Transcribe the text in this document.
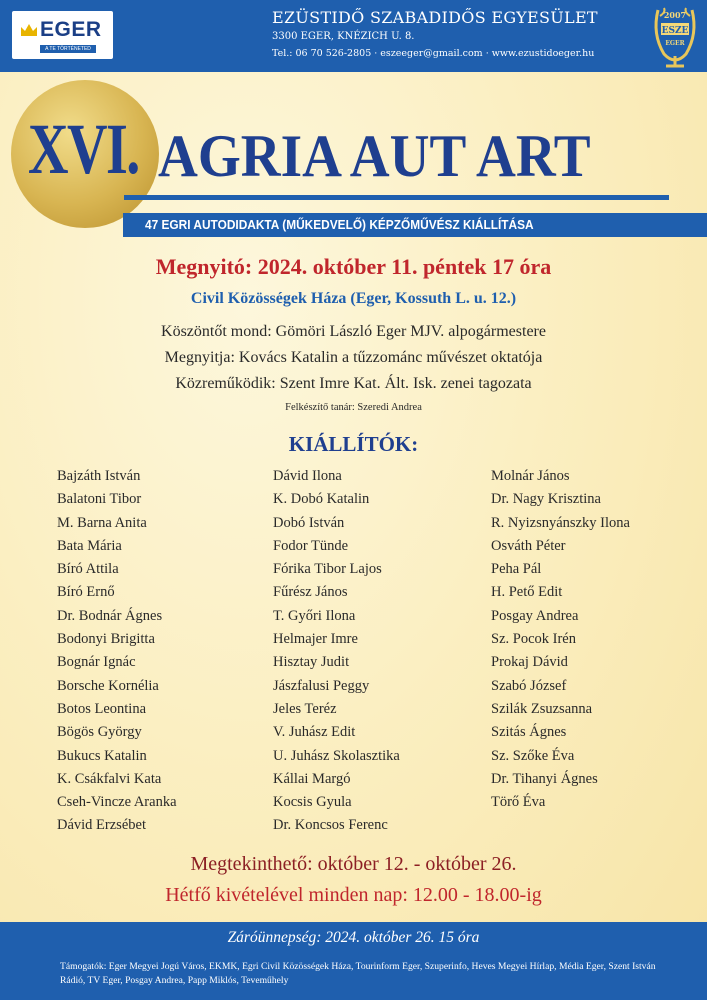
EGER
A TE TÖRTÉNETED
EZÜSTIDŐ SZABADIDŐS EGYESÜLET
3300 EGER, KNÉZICH U. 8.
Tel.: 06 70 526-2805 · eszeeger@gmail.com · www.ezustidoeger.hu
2007
ESZE
EGER
XVI. AGRIA AUT ART
47 EGRI AUTODIDAKTA (MŰKEDVELŐ) KÉPZŐMŰVÉSZ KIÁLLÍTÁSA
Megnyitó: 2024. október 11. péntek 17 óra
Civil Közösségek Háza (Eger, Kossuth L. u. 12.)
Köszöntőt mond: Gömöri László Eger MJV. alpogármestere
Megnyitja: Kovács Katalin a tűzzománc művészet oktatója
Közreműködik: Szent Imre Kat. Ált. Isk. zenei tagozata
Felkészítő tanár: Szeredi Andrea
KIÁLLÍTÓK:
Bajzáth István
Balatoni Tibor
M. Barna Anita
Bata Mária
Bíró Attila
Bíró Ernő
Dr. Bodnár Ágnes
Bodonyi Brigitta
Bognár Ignác
Borsche Kornélia
Botos Leontina
Bögös György
Bukucs Katalin
K. Csákfalvi Kata
Cseh-Vincze Aranka
Dávid Erzsébet
Dávid Ilona
K. Dobó Katalin
Dobó István
Fodor Tünde
Fórika Tibor Lajos
Fűrész János
T. Győri Ilona
Helmajer Imre
Hisztay Judit
Jászfalusi Peggy
Jeles Teréz
V. Juhász Edit
U. Juhász Skolasztika
Kállai Margó
Kocsis Gyula
Dr. Koncsos Ferenc
Molnár János
Dr. Nagy Krisztina
R. Nyizsnyánszky Ilona
Osváth Péter
Peha Pál
H. Pető Edit
Posgay Andrea
Sz. Pocok Irén
Prokaj Dávid
Szabó József
Szilák Zsuzsanna
Szitás Ágnes
Sz. Szőke Éva
Dr. Tihanyi Ágnes
Törő Éva
Megtekinthető: október 12. - október 26.
Hétfő kivételével minden nap: 12.00 - 18.00-ig
Záróünnepség: 2024. október 26. 15 óra
Támogatók: Eger Megyei Jogú Város, EKMK, Egri Civil Közösségek Háza, Tourinform Eger, Szuperinfo, Heves Megyei Hírlap, Média Eger, Szent István Rádió, TV Eger, Posgay Andrea, Papp Miklós, Teveműhely
